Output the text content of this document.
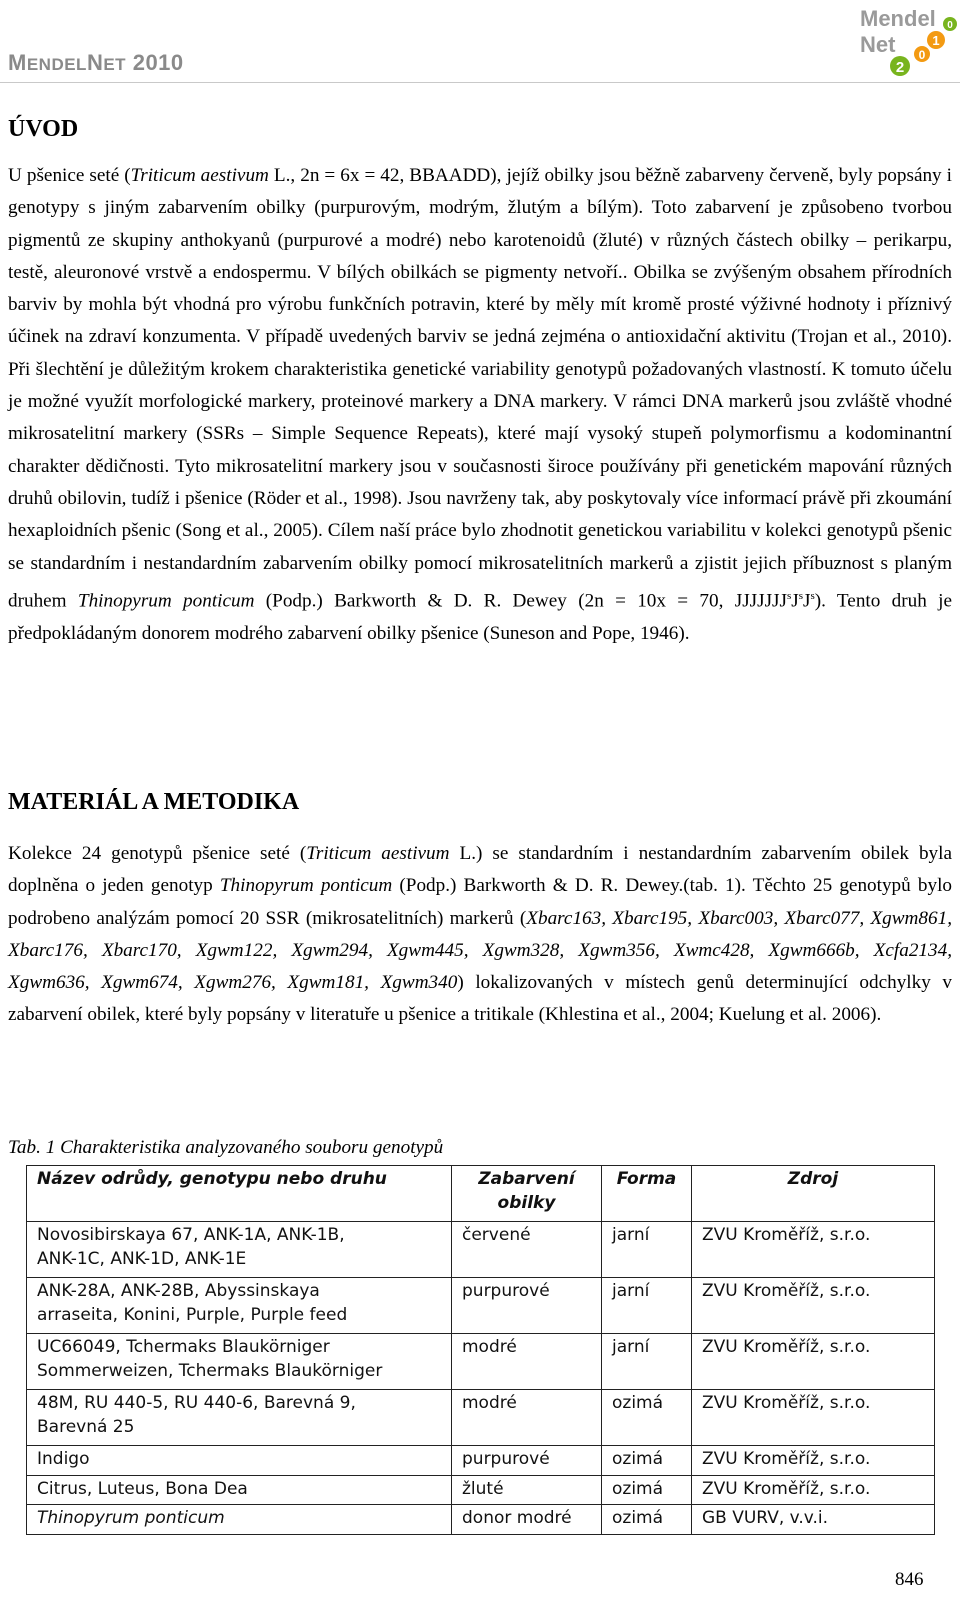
MENDELNET 2010
Mendel
Net	1
0
0
2
ÚVOD

U pšenice seté (Triticum aestivum L., 2n = 6x = 42, BBAADD), jejíž obilky jsou běžně zabarveny červeně, byly popsány i genotypy s jiným zabarvením obilky (purpurovým, modrým, žlutým a bílým). Toto zabarvení je způsobeno tvorbou pigmentů ze skupiny anthokyanů (purpurové a modré) nebo karotenoidů (žluté) v různých částech obilky – perikarpu, testě, aleuronové vrstvě a endospermu. V bílých obilkách se pigmenty netvoří.. Obilka se zvýšeným obsahem přírodních barviv by mohla být vhodná pro výrobu funkčních potravin, které by měly mít kromě prosté výživné hodnoty i příznivý účinek na zdraví konzumenta. V případě uvedených barviv se jedná zejména o antioxidační aktivitu (Trojan et al., 2010). Při šlechtění je důležitým krokem charakteristika genetické variability genotypů požadovaných vlastností. K tomuto účelu je možné využít morfologické markery, proteinové markery a DNA markery. V rámci DNA markerů jsou zvláště vhodné mikrosatelitní markery (SSRs – Simple Sequence Repeats), které mají vysoký stupeň polymorfismu a kodominantní charakter dědičnosti. Tyto mikrosatelitní markery jsou v současnosti široce používány při genetickém mapování různých druhů obilovin, tudíž i pšenice (Röder et al., 1998). Jsou navrženy tak, aby poskytovaly více informací právě při zkoumání hexaploidních pšenic (Song et al., 2005). Cílem naší práce bylo zhodnotit genetickou variabilitu v kolekci genotypů pšenic se standardním i nestandardním zabarvením obilky pomocí mikrosatelitních markerů a zjistit jejich příbuznost s planým druhem Thinopyrum ponticum (Podp.) Barkworth & D. R. Dewey (2n = 10x = 70, $JJJJJJJ^sJ^sJ^s$). Tento druh je předpokládaným donorem modrého zabarvení obilky pšenice (Suneson and Pope, 1946).

MATERIÁL A METODIKA

Kolekce 24 genotypů pšenice seté (Triticum aestivum L.) se standardním i nestandardním zabarvením obilek byla doplněna o jeden genotyp Thinopyrum ponticum (Podp.) Barkworth & D. R. Dewey.(tab. 1). Těchto 25 genotypů bylo podrobeno analýzám pomocí 20 SSR (mikrosatelitních) markerů (Xbarc163, Xbarc195, Xbarc003, Xbarc077, Xgwm861, Xbarc176, Xbarc170, Xgwm122, Xgwm294, Xgwm445, Xgwm328, Xgwm356, Xwmc428, Xgwm666b, Xcfa2134, Xgwm636, Xgwm674, Xgwm276, Xgwm181, Xgwm340) lokalizovaných v místech genů determinující odchylky v zabarvení obilek, které byly popsány v literatuře u pšenice a tritikale (Khlestina et al., 2004; Kuelung et al. 2006).

Tab. 1 Charakteristika analyzovaného souboru genotypů

Název odrůdy, genotypu nebo druhu	Zabarvení
obilky	Forma	Zdroj
Novosibirskaya 67, ANK-1A, ANK-1B,
ANK-1C, ANK-1D, ANK-1E	červené	jarní	ZVU Kroměříž, s.r.o.
ANK-28A, ANK-28B, Abyssinskaya
arraseita, Konini, Purple, Purple feed	purpurové	jarní	ZVU Kroměříž, s.r.o.
UC66049, Tchermaks Blaukörniger
Sommerweizen, Tchermaks Blaukörniger	modré	jarní	ZVU Kroměříž, s.r.o.
48M, RU 440-5, RU 440-6, Barevná 9,
Barevná 25	modré	ozimá	ZVU Kroměříž, s.r.o.
Indigo	purpurové	ozimá	ZVU Kroměříž, s.r.o.
Citrus, Luteus, Bona Dea	žluté	ozimá	ZVU Kroměříž, s.r.o.
Thinopyrum ponticum	donor modré	ozimá	GB VURV, v.v.i.
846
